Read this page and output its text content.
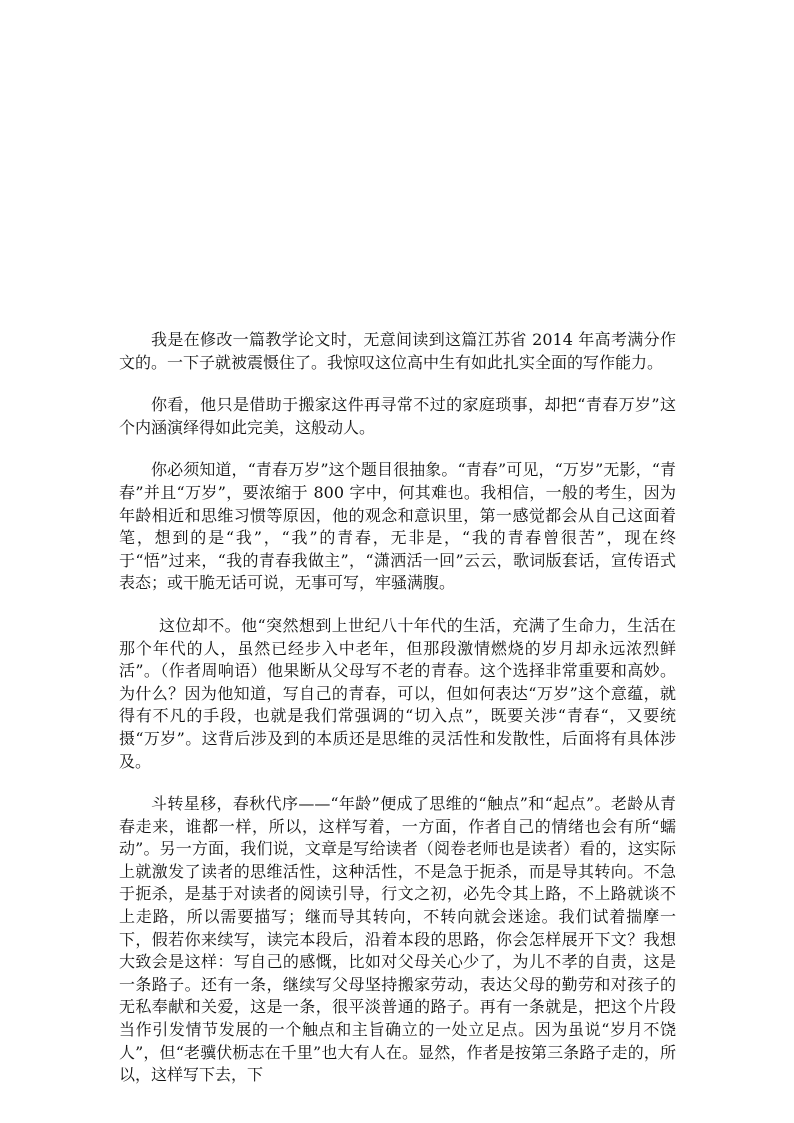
我是在修改一篇教学论文时，无意间读到这篇江苏省 2014 年高考满分作文的。一下子就被震慑住了。我惊叹这位高中生有如此扎实全面的写作能力。

你看，他只是借助于搬家这件再寻常不过的家庭琐事，却把“青春万岁”这个内涵演绎得如此完美，这般动人。

你必须知道，“青春万岁”这个题目很抽象。“青春”可见，“万岁”无影，“青春”并且“万岁”，要浓缩于 800 字中，何其难也。我相信，一般的考生，因为年龄相近和思维习惯等原因，他的观念和意识里，第一感觉都会从自己这面着笔，想到的是“我”，“我”的青春，无非是，“我的青春曾很苦”，现在终于“悟”过来，“我的青春我做主”，“潇洒活一回”云云，歌词版套话，宣传语式表态；或干脆无话可说，无事可写，牢骚满腹。

这位却不。他“突然想到上世纪八十年代的生活，充满了生命力，生活在那个年代的人，虽然已经步入中老年，但那段激情燃烧的岁月却永远浓烈鲜活”。（作者周响语）他果断从父母写不老的青春。这个选择非常重要和高妙。为什么？因为他知道，写自己的青春，可以，但如何表达“万岁”这个意蕴，就得有不凡的手段，也就是我们常强调的“切入点”，既要关涉“青春“，又要统摄“万岁”。这背后涉及到的本质还是思维的灵活性和发散性，后面将有具体涉及。

斗转星移，春秋代序——“年龄”便成了思维的“触点”和“起点”。老龄从青春走来，谁都一样，所以，这样写着，一方面，作者自己的情绪也会有所“蠕动”。另一方面，我们说，文章是写给读者（阅卷老师也是读者）看的，这实际上就激发了读者的思维活性，这种活性，不是急于扼杀，而是导其转向。不急于扼杀，是基于对读者的阅读引导，行文之初，必先令其上路，不上路就谈不上走路，所以需要描写；继而导其转向，不转向就会迷途。我们试着揣摩一下，假若你来续写，读完本段后，沿着本段的思路，你会怎样展开下文？我想大致会是这样：写自己的感慨，比如对父母关心少了，为儿不孝的自责，这是一条路子。还有一条，继续写父母坚持搬家劳动，表达父母的勤劳和对孩子的无私奉献和关爱，这是一条，很平淡普通的路子。再有一条就是，把这个片段当作引发情节发展的一个触点和主旨确立的一处立足点。因为虽说“岁月不饶人”，但“老骥伏枥志在千里”也大有人在。显然，作者是按第三条路子走的，所以，这样写下去，下
